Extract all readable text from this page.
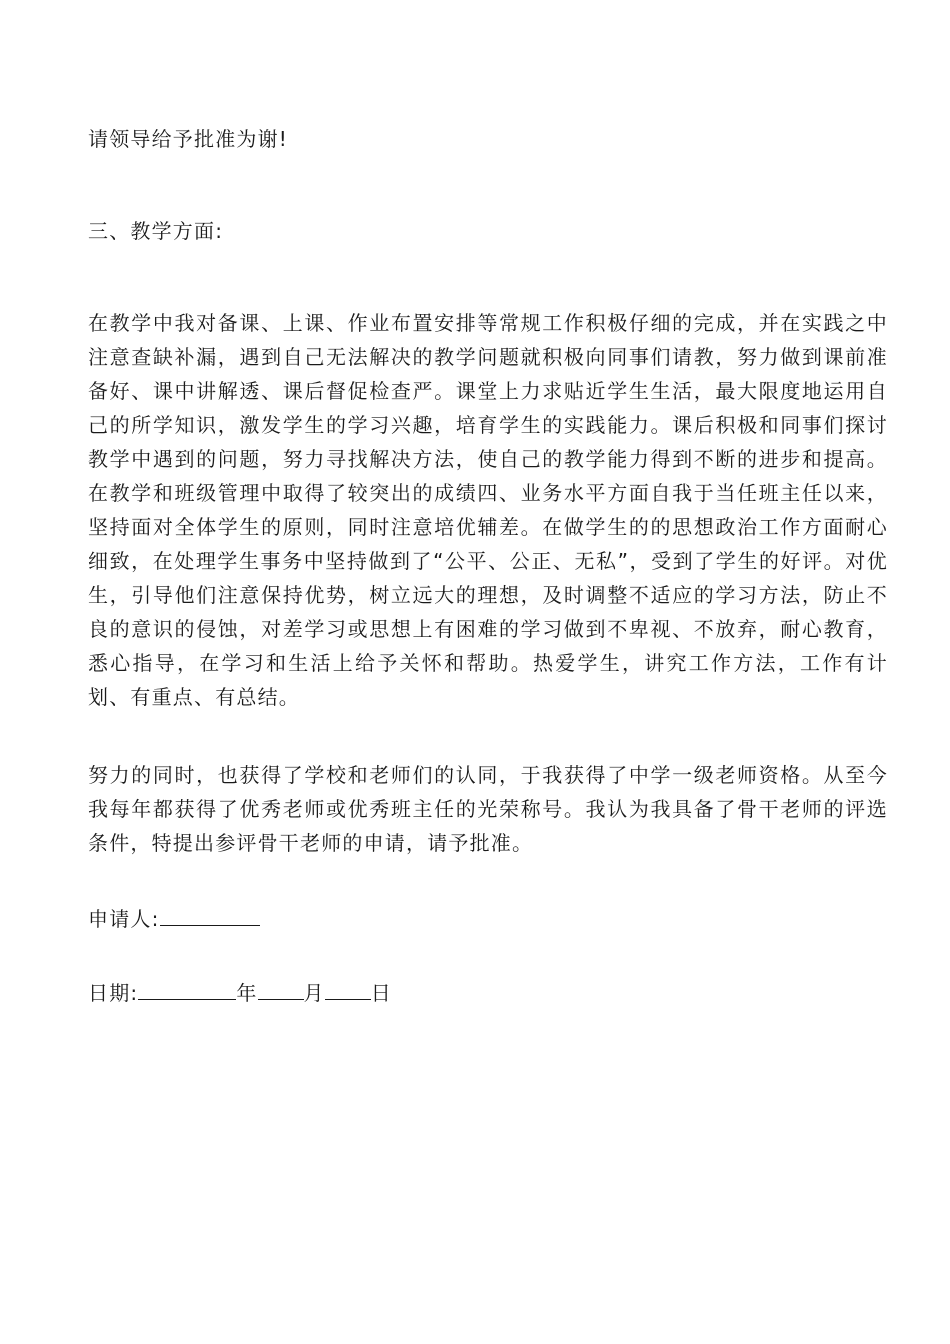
请领导给予批准为谢!

三、教学方面:

在教学中我对备课、上课、作业布置安排等常规工作积极仔细的完成，并在实践之中注意查缺补漏，遇到自己无法解决的教学问题就积极向同事们请教，努力做到课前准备好、课中讲解透、课后督促检查严。课堂上力求贴近学生生活，最大限度地运用自己的所学知识，激发学生的学习兴趣，培育学生的实践能力。课后积极和同事们探讨教学中遇到的问题，努力寻找解决方法，使自己的教学能力得到不断的进步和提高。在教学和班级管理中取得了较突出的成绩四、业务水平方面自我于当任班主任以来，坚持面对全体学生的原则，同时注意培优辅差。在做学生的的思想政治工作方面耐心细致，在处理学生事务中坚持做到了“公平、公正、无私”，受到了学生的好评。对优生，引导他们注意保持优势，树立远大的理想，及时调整不适应的学习方法，防止不良的意识的侵蚀，对差学习或思想上有困难的学习做到不卑视、不放弃，耐心教育，悉心指导，在学习和生活上给予关怀和帮助。热爱学生，讲究工作方法，工作有计划、有重点、有总结。

努力的同时，也获得了学校和老师们的认同，于我获得了中学一级老师资格。从至今我每年都获得了优秀老师或优秀班主任的光荣称号。我认为我具备了骨干老师的评选条件，特提出参评骨干老师的申请，请予批准。

申请人:

日期:	年 月 日
